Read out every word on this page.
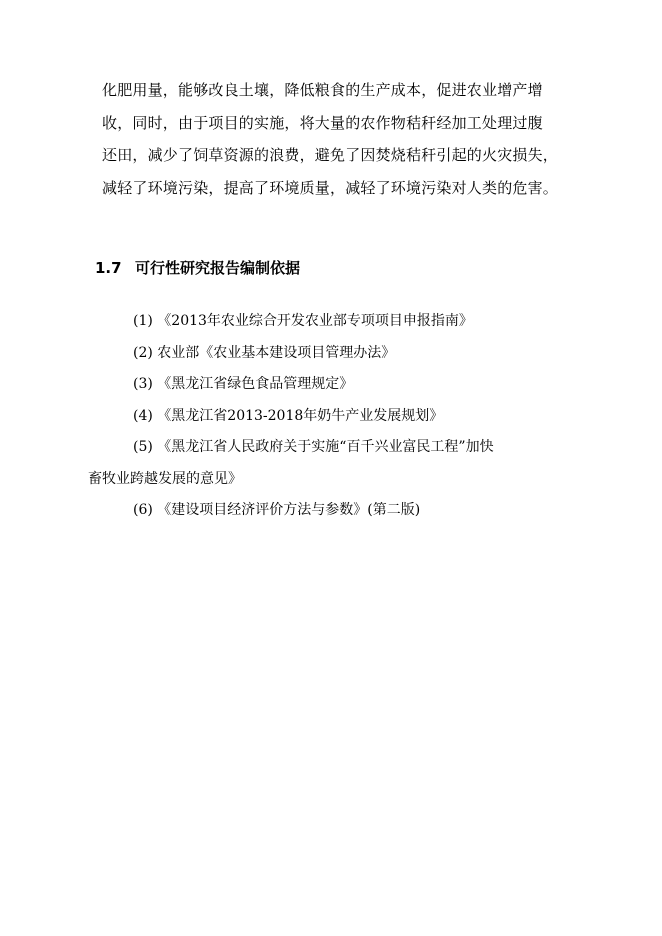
化肥用量，能够改良土壤，降低粮食的生产成本，促进农业增产增
收，同时，由于项目的实施，将大量的农作物秸秆经加工处理过腹
还田，减少了饲草资源的浪费，避免了因焚烧秸秆引起的火灾损失，
减轻了环境污染，提高了环境质量，减轻了环境污染对人类的危害。
1.7 可行性研究报告编制依据
(1) 《2013年农业综合开发农业部专项项目申报指南》
(2) 农业部《农业基本建设项目管理办法》
(3) 《黑龙江省绿色食品管理规定》
(4) 《黑龙江省2013-2018年奶牛产业发展规划》
(5) 《黑龙江省人民政府关于实施“百千兴业富民工程”加快
畜牧业跨越发展的意见》
(6) 《建设项目经济评价方法与参数》(第二版)
